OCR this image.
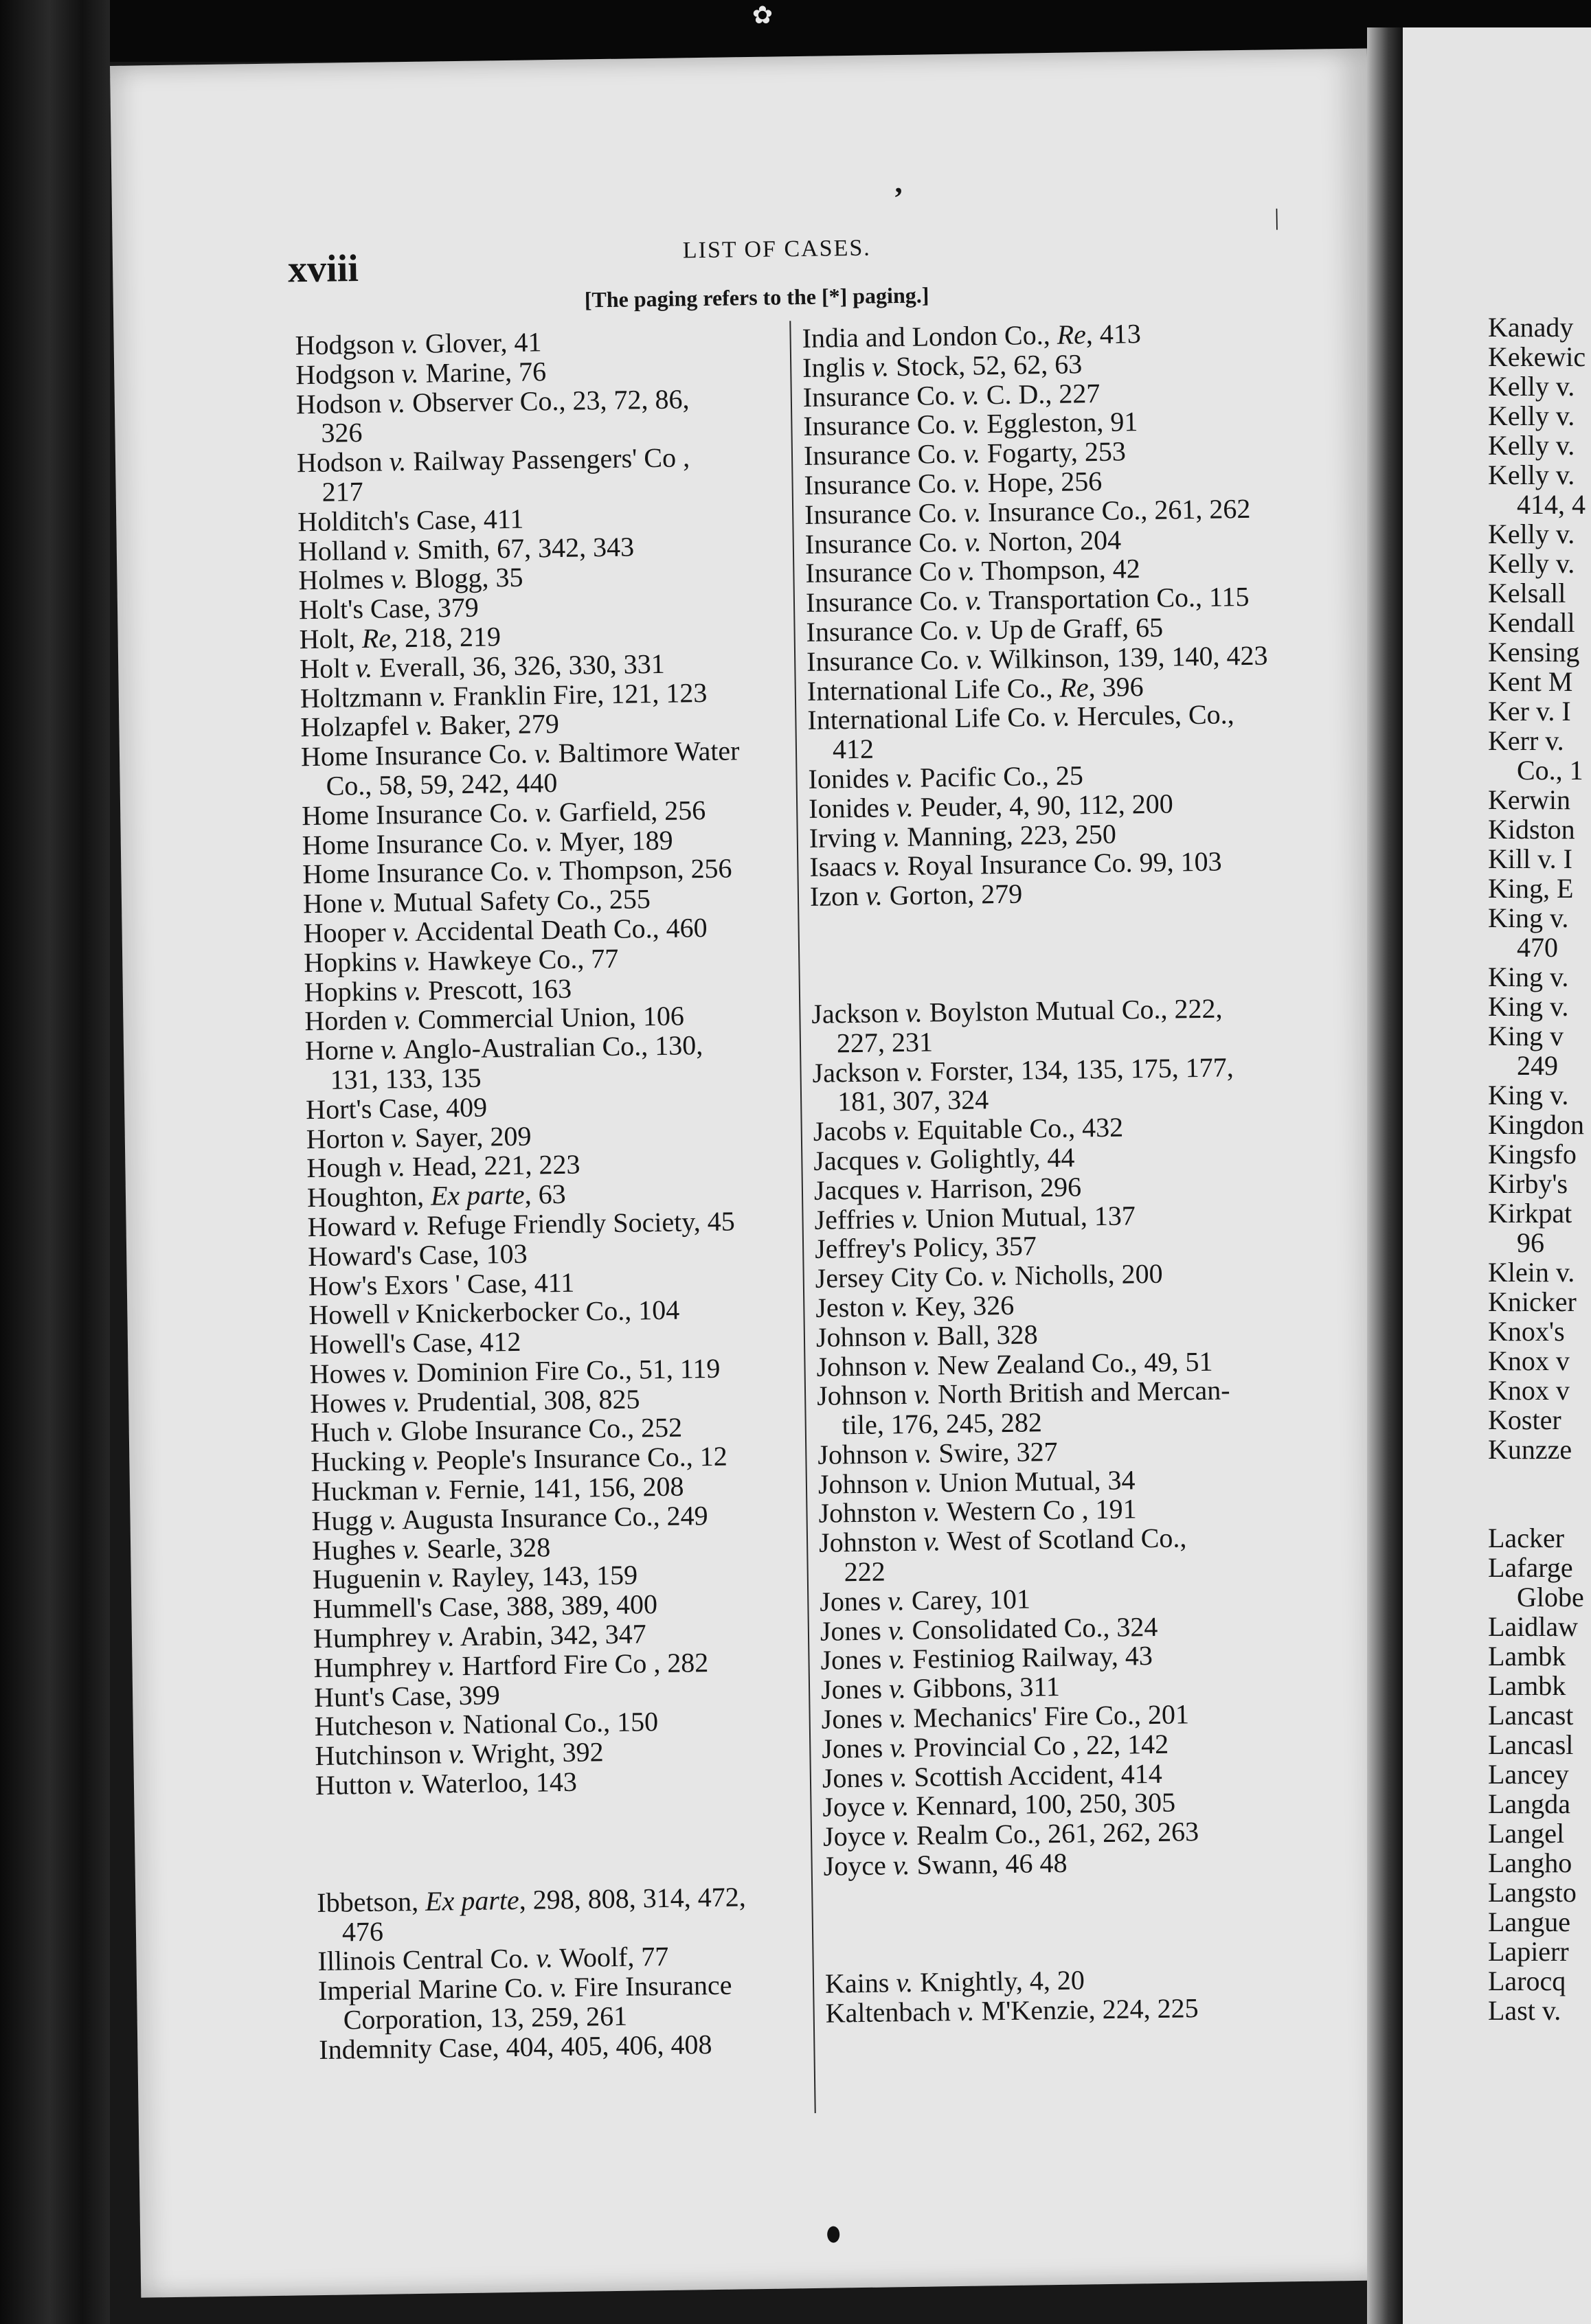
✿
,
|
xviii	LIST OF CASES.
[The paging refers to the [*] paging.]
Hodgson v. Glover, 41
Hodgson v. Marine, 76
Hodson v. Observer Co., 23, 72, 86,
326
Hodson v. Railway Passengers' Co ,
217
Holditch's Case, 411
Holland v. Smith, 67, 342, 343
Holmes v. Blogg, 35
Holt's Case, 379
Holt, Re, 218, 219
Holt v. Everall, 36, 326, 330, 331
Holtzmann v. Franklin Fire, 121, 123
Holzapfel v. Baker, 279
Home Insurance Co. v. Baltimore Water
Co., 58, 59, 242, 440
Home Insurance Co. v. Garfield, 256
Home Insurance Co. v. Myer, 189
Home Insurance Co. v. Thompson, 256
Hone v. Mutual Safety Co., 255
Hooper v. Accidental Death Co., 460
Hopkins v. Hawkeye Co., 77
Hopkins v. Prescott, 163
Horden v. Commercial Union, 106
Horne v. Anglo-Australian Co., 130,
131, 133, 135
Hort's Case, 409
Horton v. Sayer, 209
Hough v. Head, 221, 223
Houghton, Ex parte, 63
Howard v. Refuge Friendly Society, 45
Howard's Case, 103
How's Exors ' Case, 411
Howell v Knickerbocker Co., 104
Howell's Case, 412
Howes v. Dominion Fire Co., 51, 119
Howes v. Prudential, 308, 825
Huch v. Globe Insurance Co., 252
Hucking v. People's Insurance Co., 12
Huckman v. Fernie, 141, 156, 208
Hugg v. Augusta Insurance Co., 249
Hughes v. Searle, 328
Huguenin v. Rayley, 143, 159
Hummell's Case, 388, 389, 400
Humphrey v. Arabin, 342, 347
Humphrey v. Hartford Fire Co , 282
Hunt's Case, 399
Hutcheson v. National Co., 150
Hutchinson v. Wright, 392
Hutton v. Waterloo, 143
Ibbetson, Ex parte, 298, 808, 314, 472,
476
Illinois Central Co. v. Woolf, 77
Imperial Marine Co. v. Fire Insurance
Corporation, 13, 259, 261
Indemnity Case, 404, 405, 406, 408
India and London Co., Re, 413
Inglis v. Stock, 52, 62, 63
Insurance Co. v. C. D., 227
Insurance Co. v. Eggleston, 91
Insurance Co. v. Fogarty, 253
Insurance Co. v. Hope, 256
Insurance Co. v. Insurance Co., 261, 262
Insurance Co. v. Norton, 204
Insurance Co v. Thompson, 42
Insurance Co. v. Transportation Co., 115
Insurance Co. v. Up de Graff, 65
Insurance Co. v. Wilkinson, 139, 140, 423
International Life Co., Re, 396
International Life Co. v. Hercules, Co.,
412
Ionides v. Pacific Co., 25
Ionides v. Peuder, 4, 90, 112, 200
Irving v. Manning, 223, 250
Isaacs v. Royal Insurance Co. 99, 103
Izon v. Gorton, 279
Jackson v. Boylston Mutual Co., 222,
227, 231
Jackson v. Forster, 134, 135, 175, 177,
181, 307, 324
Jacobs v. Equitable Co., 432
Jacques v. Golightly, 44
Jacques v. Harrison, 296
Jeffries v. Union Mutual, 137
Jeffrey's Policy, 357
Jersey City Co. v. Nicholls, 200
Jeston v. Key, 326
Johnson v. Ball, 328
Johnson v. New Zealand Co., 49, 51
Johnson v. North British and Mercan-
tile, 176, 245, 282
Johnson v. Swire, 327
Johnson v. Union Mutual, 34
Johnston v. Western Co , 191
Johnston v. West of Scotland Co.,
222
Jones v. Carey, 101
Jones v. Consolidated Co., 324
Jones v. Festiniog Railway, 43
Jones v. Gibbons, 311
Jones v. Mechanics' Fire Co., 201
Jones v. Provincial Co , 22, 142
Jones v. Scottish Accident, 414
Joyce v. Kennard, 100, 250, 305
Joyce v. Realm Co., 261, 262, 263
Joyce v. Swann, 46 48
Kains v. Knightly, 4, 20
Kaltenbach v. M'Kenzie, 224, 225
Kanady
Kekewic
Kelly v.
Kelly v.
Kelly v.
Kelly v.
414, 4
Kelly v.
Kelly v.
Kelsall
Kendall
Kensing
Kent M
Ker v. I
Kerr v.
Co., 1
Kerwin
Kidston
Kill v. I
King, E
King v.
470
King v.
King v.
King v
249
King v.
Kingdon
Kingsfo
Kirby's
Kirkpat
96
Klein v.
Knicker
Knox's
Knox v
Knox v
Koster
Kunzze
Lacker
Lafarge
Globe
Laidlaw
Lambk
Lambk
Lancast
Lancasl
Lancey
Langda
Langel
Langho
Langsto
Langue
Lapierr
Larocq
Last v.
